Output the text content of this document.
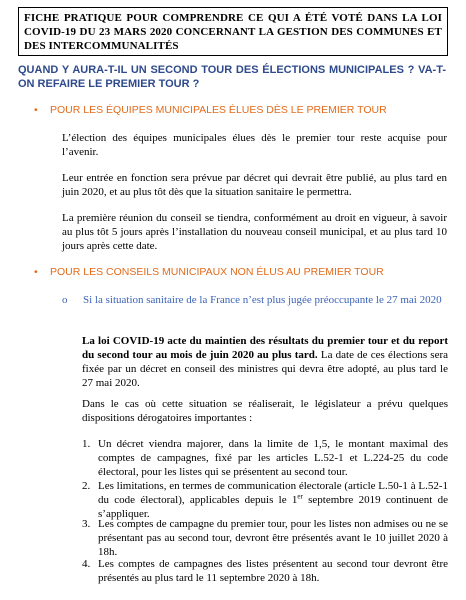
FICHE PRATIQUE POUR COMPRENDRE CE QUI A ÉTÉ VOTÉ DANS LA LOI COVID-19 DU 23 MARS 2020 CONCERNANT LA GESTION DES COMMUNES ET DES INTERCOMMUNALITÉS
QUAND Y AURA-T-IL UN SECOND TOUR DES ÉLECTIONS MUNICIPALES ? VA-T-ON REFAIRE LE PREMIER TOUR ?
•	POUR LES ÉQUIPES MUNICIPALES ÉLUES DÈS LE PREMIER TOUR
L’élection des équipes municipales élues dès le premier tour reste acquise pour l’avenir.
Leur entrée en fonction sera prévue par décret qui devrait être publié, au plus tard en juin 2020, et au plus tôt dès que la situation sanitaire le permettra.
La première réunion du conseil se tiendra, conformément au droit en vigueur, à savoir au plus tôt 5 jours après l’installation du nouveau conseil municipal, et au plus tard 10 jours après cette date.
•	POUR LES CONSEILS MUNICIPAUX NON ÉLUS AU PREMIER TOUR
o Si la situation sanitaire de la France n’est plus jugée préoccupante le 27 mai 2020
La loi COVID-19 acte du maintien des résultats du premier tour et du report du second tour au mois de juin 2020 au plus tard. La date de ces élections sera fixée par un décret en conseil des ministres qui devra être adopté, au plus tard le 27 mai 2020.
Dans le cas où cette situation se réaliserait, le législateur a prévu quelques dispositions dérogatoires importantes :
1. Un décret viendra majorer, dans la limite de 1,5, le montant maximal des comptes de campagnes, fixé par les articles L.52-1 et L.224-25 du code électoral, pour les listes qui se présentent au second tour.
2. Les limitations, en termes de communication électorale (article L.50-1 à L.52-1 du code électoral), applicables depuis le 1er septembre 2019 continuent de s’appliquer.
3. Les comptes de campagne du premier tour, pour les listes non admises ou ne se présentant pas au second tour, devront être présentés avant le 10 juillet 2020 à 18h.
4. Les comptes de campagnes des listes présentent au second tour devront être présentés au plus tard le 11 septembre 2020 à 18h.
